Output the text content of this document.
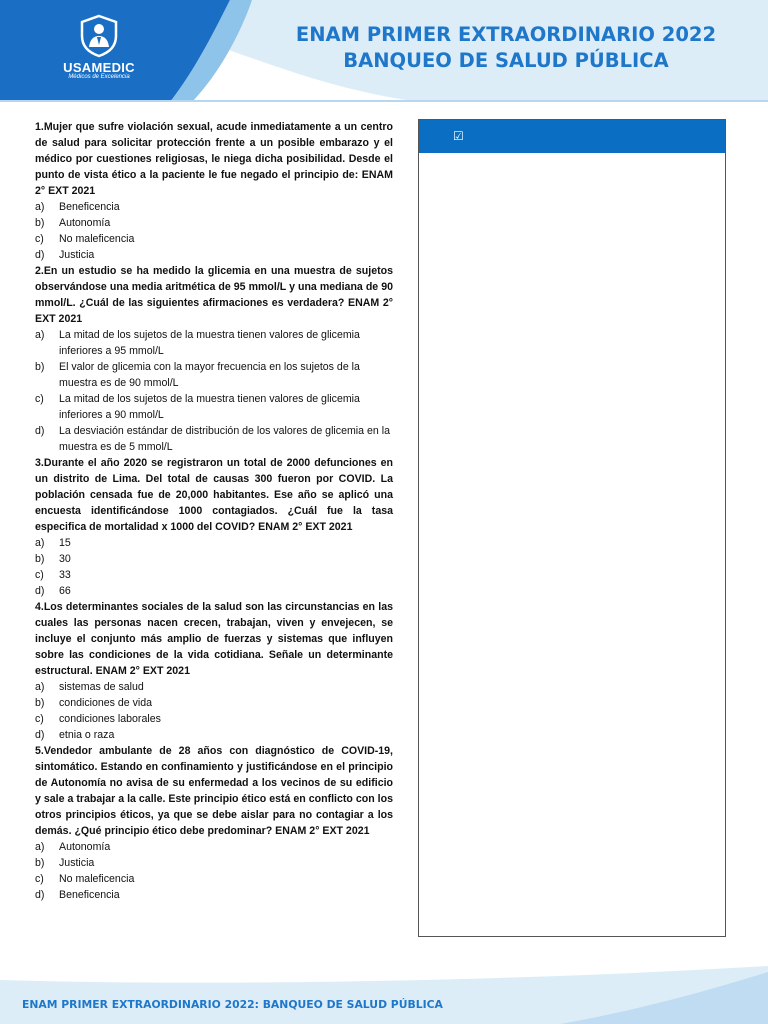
USAMEDIC
Médicos de Excelencia
ENAM PRIMER EXTRAORDINARIO 2022
BANQUEO DE SALUD PÚBLICA

1.Mujer que sufre violación sexual, acude inmediatamente a un centro de salud para solicitar protección frente a un posible embarazo y el médico por cuestiones religiosas, le niega dicha posibilidad. Desde el punto de vista ético a la paciente le fue negado el principio de: ENAM 2° EXT 2021

a)	Beneficencia
b)	Autonomía
c)	No maleficencia
d)	Justicia

2.En un estudio se ha medido la glicemia en una muestra de sujetos observándose una media aritmética de 95 mmol/L y una mediana de 90 mmol/L. ¿Cuál de las siguientes afirmaciones es verdadera? ENAM 2° EXT 2021

a)	La mitad de los sujetos de la muestra tienen valores de glicemia inferiores a 95 mmol/L
b)	El valor de glicemia con la mayor frecuencia en los sujetos de la muestra es de 90 mmol/L
c)	La mitad de los sujetos de la muestra tienen valores de glicemia inferiores a 90 mmol/L
d)	La desviación estándar de distribución de los valores de glicemia en la muestra es de 5 mmol/L

3.Durante el año 2020 se registraron un total de 2000 defunciones en un distrito de Lima. Del total de causas 300 fueron por COVID. La población censada fue de 20,000 habitantes. Ese año se aplicó una encuesta identificándose 1000 contagiados. ¿Cuál fue la tasa especifica de mortalidad x 1000 del COVID? ENAM 2° EXT 2021

a)	15
b)	30
c)	33
d)	66

4.Los determinantes sociales de la salud son las circunstancias en las cuales las personas nacen crecen, trabajan, viven y envejecen, se incluye el conjunto más amplio de fuerzas y sistemas que influyen sobre las condiciones de la vida cotidiana. Señale un determinante estructural. ENAM 2° EXT 2021

a)	sistemas de salud
b)	condiciones de vida
c)	condiciones laborales
d)	etnia o raza

5.Vendedor ambulante de 28 años con diagnóstico de COVID-19, sintomático. Estando en confinamiento y justificándose en el principio de Autonomía no avisa de su enfermedad a los vecinos de su edificio y sale a trabajar a la calle. Este principio ético está en conflicto con los otros principios éticos, ya que se debe aislar para no contagiar a los demás. ¿Qué principio ético debe predominar? ENAM 2° EXT 2021

a)	Autonomía
b)	Justicia
c)	No maleficencia
d)	Beneficencia
☑
ENAM PRIMER EXTRAORDINARIO 2022: BANQUEO DE SALUD PÚBLICA
